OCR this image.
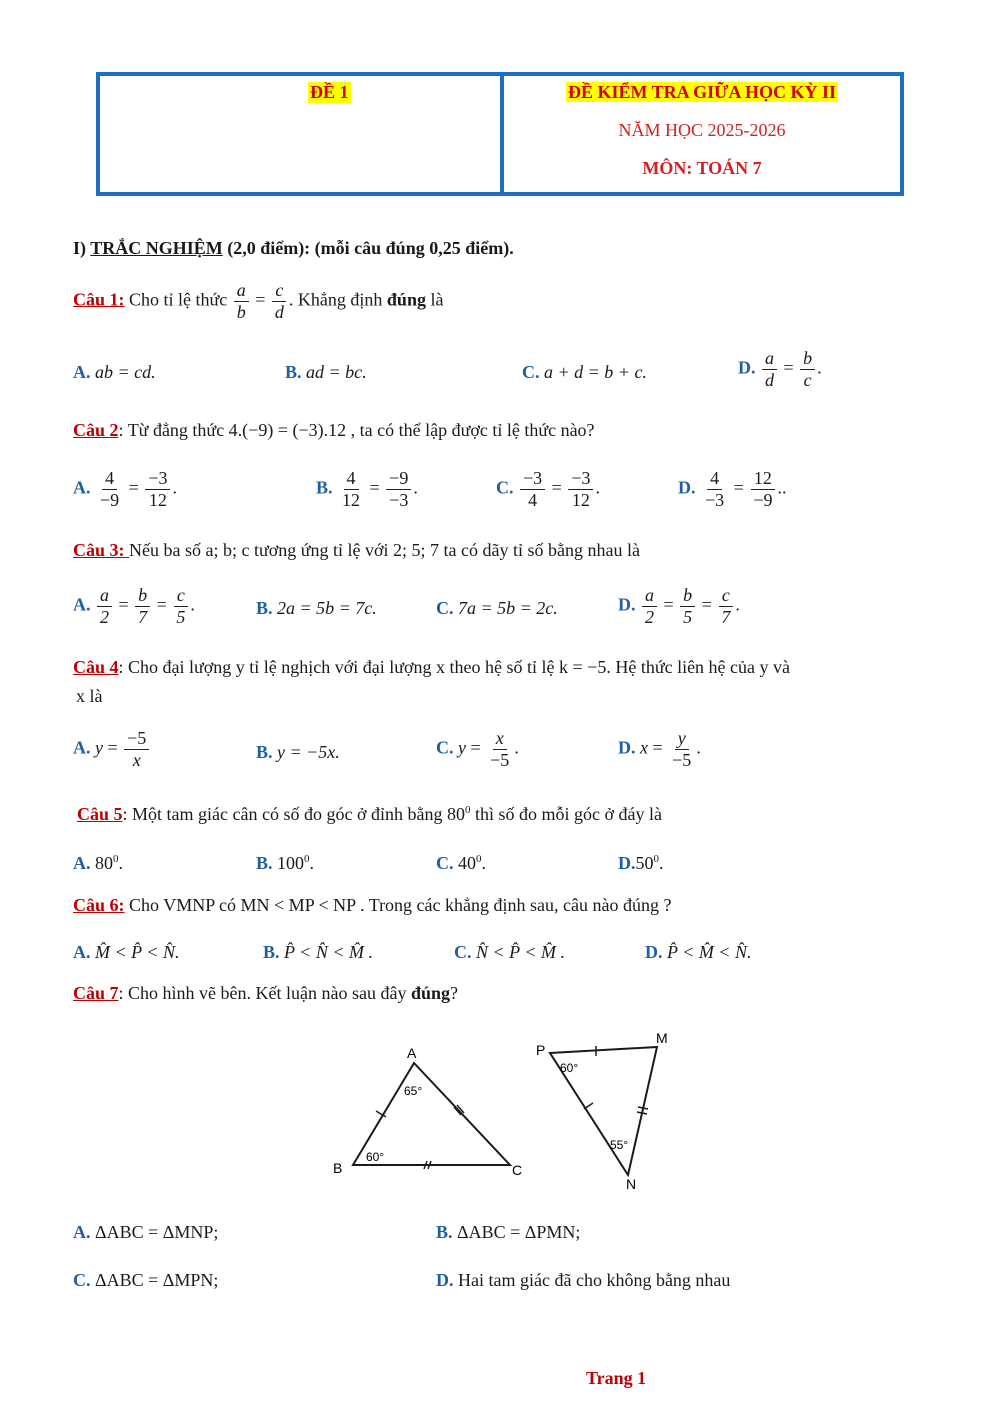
ĐỀ 1	ĐỀ KIỂM TRA GIỮA HỌC KỲ II
NĂM HỌC 2025-2026
MÔN: TOÁN 7
I) TRẮC NGHIỆM (2,0 điểm): (mỗi câu đúng 0,25 điểm).
Câu 1: Cho tỉ lệ thức $\frac{a}{b} = \frac{c}{d}$ . Khẳng định đúng là
A. ab = cd.	B. ad = bc.	C. a + d = b + c.	D. $\frac{a}{d} = \frac{b}{c}$ .
Câu 2: Từ đẳng thức 4.(−9) = (−3).12 , ta có thể lập được tỉ lệ thức nào?
A. $\frac{4}{-9} = \frac{-3}{12}$ .	B. $\frac{4}{12} = \frac{-9}{-3}$ .	C. $\frac{-3}{4} = \frac{-3}{12}$ .	D. $\frac{4}{-3} = \frac{12}{-9}$ ..
Câu 3: Nếu ba số a; b; c tương ứng tỉ lệ với 2; 5; 7 ta có dãy tỉ số bằng nhau là
A. $\frac{a}{2} = \frac{b}{7} = \frac{c}{5}$ .	B. 2a = 5b = 7c.	C. 7a = 5b = 2c.	D. $\frac{a}{2} = \frac{b}{5} = \frac{c}{7}$ .
Câu 4: Cho đại lượng y tỉ lệ nghịch với đại lượng x theo hệ số tỉ lệ k = −5. Hệ thức liên hệ của y và
x là
A. $y = \frac{-5}{x}$	B. y = −5x.	C. $y = \frac{x}{-5}$ .	D. $x = \frac{y}{-5}$ .
Câu 5: Một tam giác cân có số đo góc ở đỉnh bằng $80^0$ thì số đo mỗi góc ở đáy là
A. $80^0$.	B. $100^0$.	C. $40^0$.	$D.50^0$.
Câu 6: Cho VMNP có MN < MP < NP . Trong các khẳng định sau, câu nào đúng ?
A. M̂ < P̂ < N̂.	B. P̂ < N̂ < M̂ .	C. N̂ < P̂ < M̂ .	D. P̂ < M̂ < N̂.
Câu 7: Cho hình vẽ bên. Kết luận nào sau đây đúng?
A
B	C
65°
60°
P
M
N
60°
55°
A. ΔABC = ΔMNP;	B. ΔABC = ΔPMN;
C. ΔABC = ΔMPN;	D. Hai tam giác đã cho không bằng nhau
Trang 1
